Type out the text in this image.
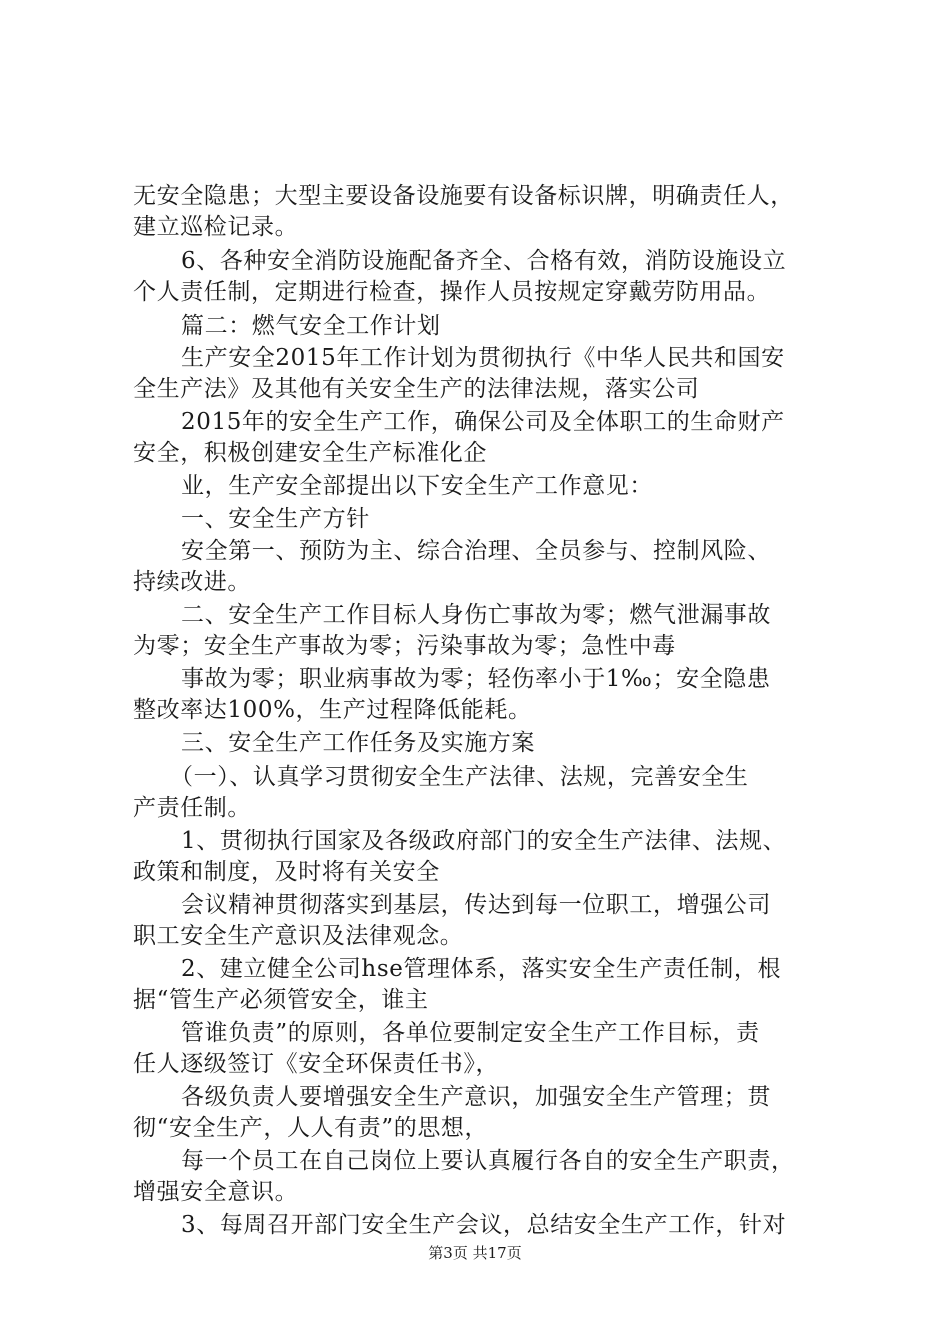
无安全隐患；大型主要设备设施要有设备标识牌，明确责任人，
建立巡检记录。
6、各种安全消防设施配备齐全、合格有效，消防设施设立
个人责任制，定期进行检查，操作人员按规定穿戴劳防用品。
篇二：燃气安全工作计划
生产安全2015年工作计划为贯彻执行《中华人民共和国安
全生产法》及其他有关安全生产的法律法规，落实公司
2015年的安全生产工作，确保公司及全体职工的生命财产
安全，积极创建安全生产标准化企
业，生产安全部提出以下安全生产工作意见：
一、安全生产方针
安全第一、预防为主、综合治理、全员参与、控制风险、
持续改进。
二、安全生产工作目标人身伤亡事故为零；燃气泄漏事故
为零；安全生产事故为零；污染事故为零；急性中毒
事故为零；职业病事故为零；轻伤率小于1‰；安全隐患
整改率达100%，生产过程降低能耗。
三、安全生产工作任务及实施方案
（一）、认真学习贯彻安全生产法律、法规，完善安全生
产责任制。
1、贯彻执行国家及各级政府部门的安全生产法律、法规、
政策和制度，及时将有关安全
会议精神贯彻落实到基层，传达到每一位职工，增强公司
职工安全生产意识及法律观念。
2、建立健全公司hse管理体系，落实安全生产责任制，根
据“管生产必须管安全，谁主
管谁负责”的原则，各单位要制定安全生产工作目标，责
任人逐级签订《安全环保责任书》，
各级负责人要增强安全生产意识，加强安全生产管理；贯
彻“安全生产，人人有责”的思想，
每一个员工在自己岗位上要认真履行各自的安全生产职责，
增强安全意识。
3、每周召开部门安全生产会议，总结安全生产工作，针对
第3页 共17页
